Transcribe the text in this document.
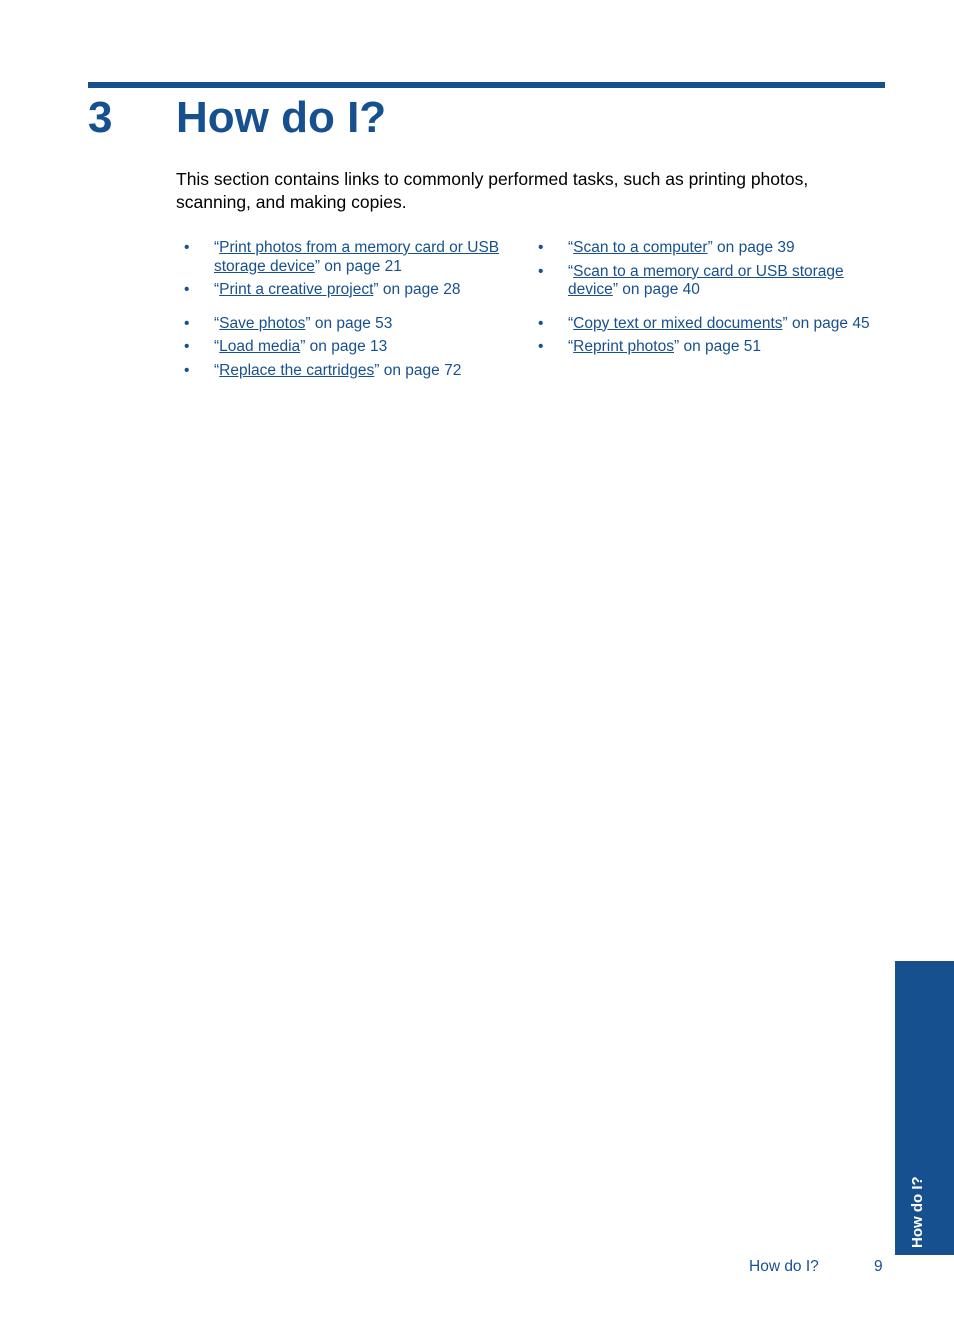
3 How do I?

This section contains links to commonly performed tasks, such as printing photos, scanning, and making copies.

• “Print photos from a memory card or USB storage device” on page 21
• “Print a creative project” on page 28
• “Save photos” on page 53
• “Load media” on page 13
• “Replace the cartridges” on page 72
• “Scan to a computer” on page 39
• “Scan to a memory card or USB storage device” on page 40
• “Copy text or mixed documents” on page 45
• “Reprint photos” on page 51
How do I?
How do I?	9
